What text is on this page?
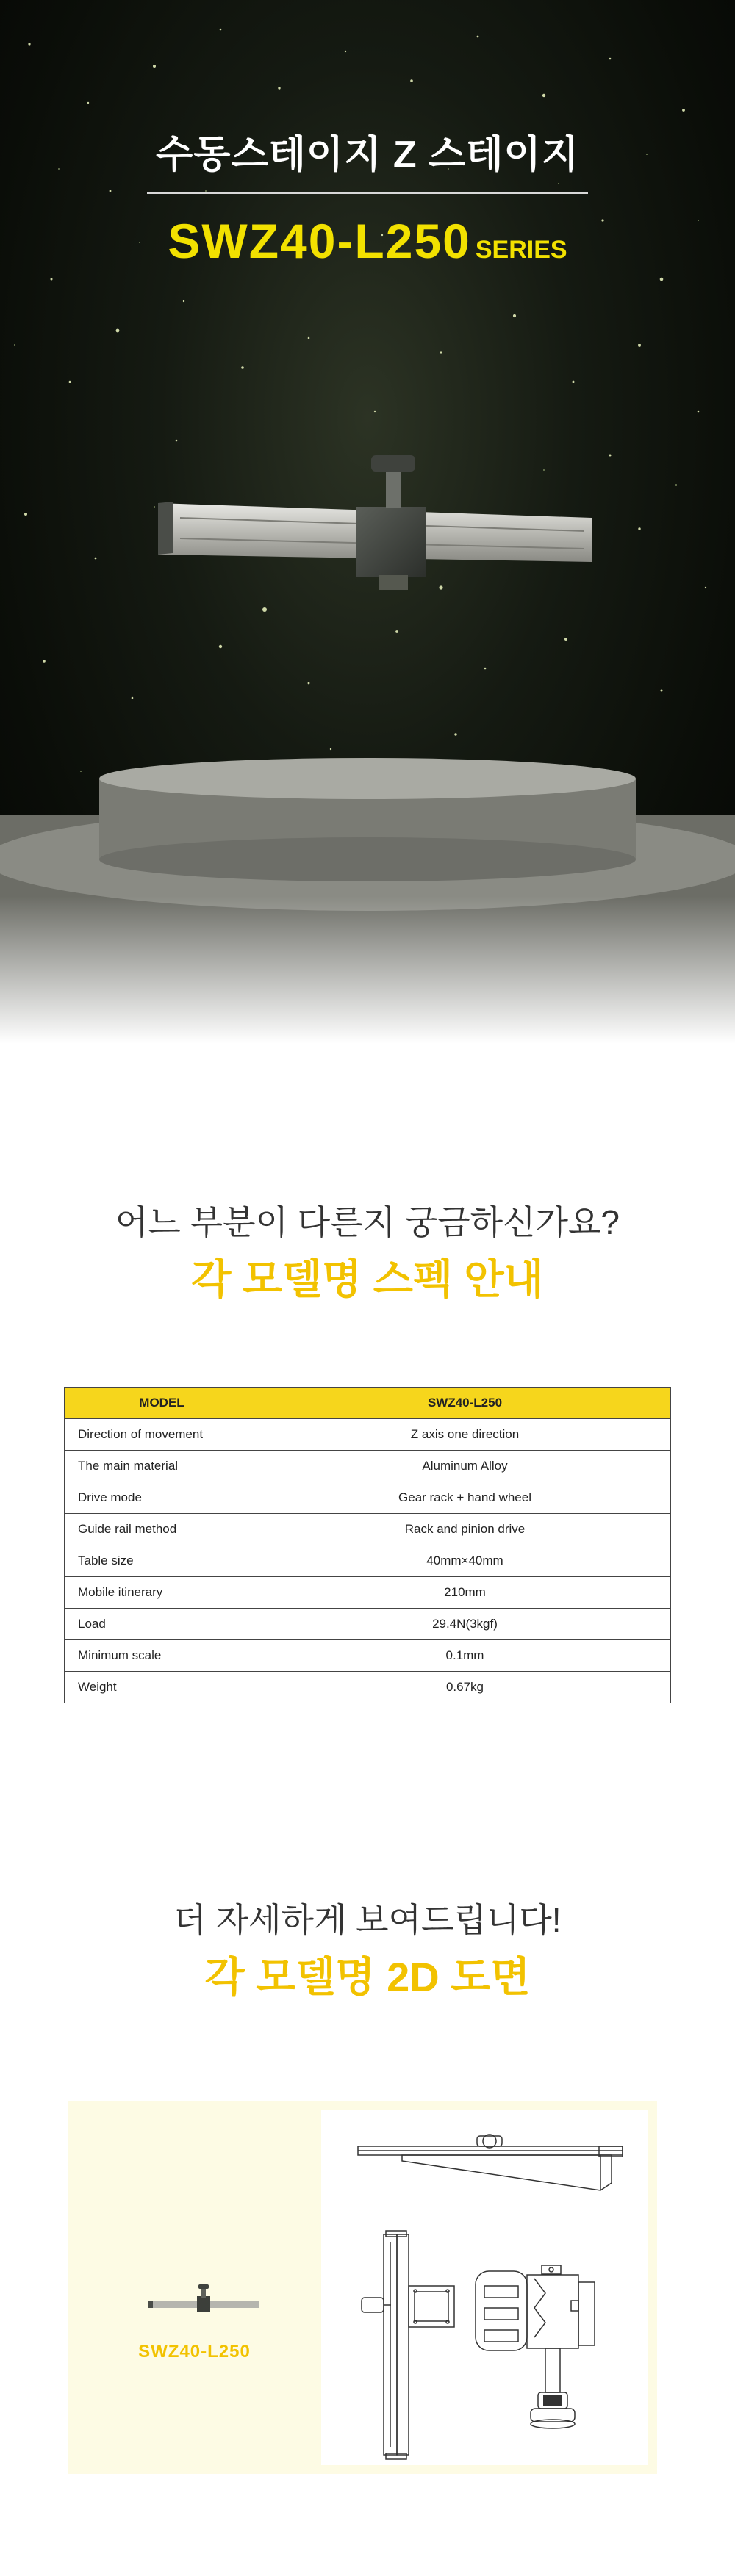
수동스테이지 Z 스테이지
SWZ40-L250 SERIES
어느 부분이 다른지 궁금하신가요?
각 모델명 스펙 안내
MODEL	SWZ40-L250
Direction of movement	Z axis one direction
The main material	Aluminum Alloy
Drive mode	Gear rack + hand wheel
Guide rail method	Rack and pinion drive
Table size	40mm×40mm
Mobile itinerary	210mm
Load	29.4N(3kgf)
Minimum scale	0.1mm
Weight	0.67kg
더 자세하게 보여드립니다!
각 모델명 2D 도면
SWZ40-L250
